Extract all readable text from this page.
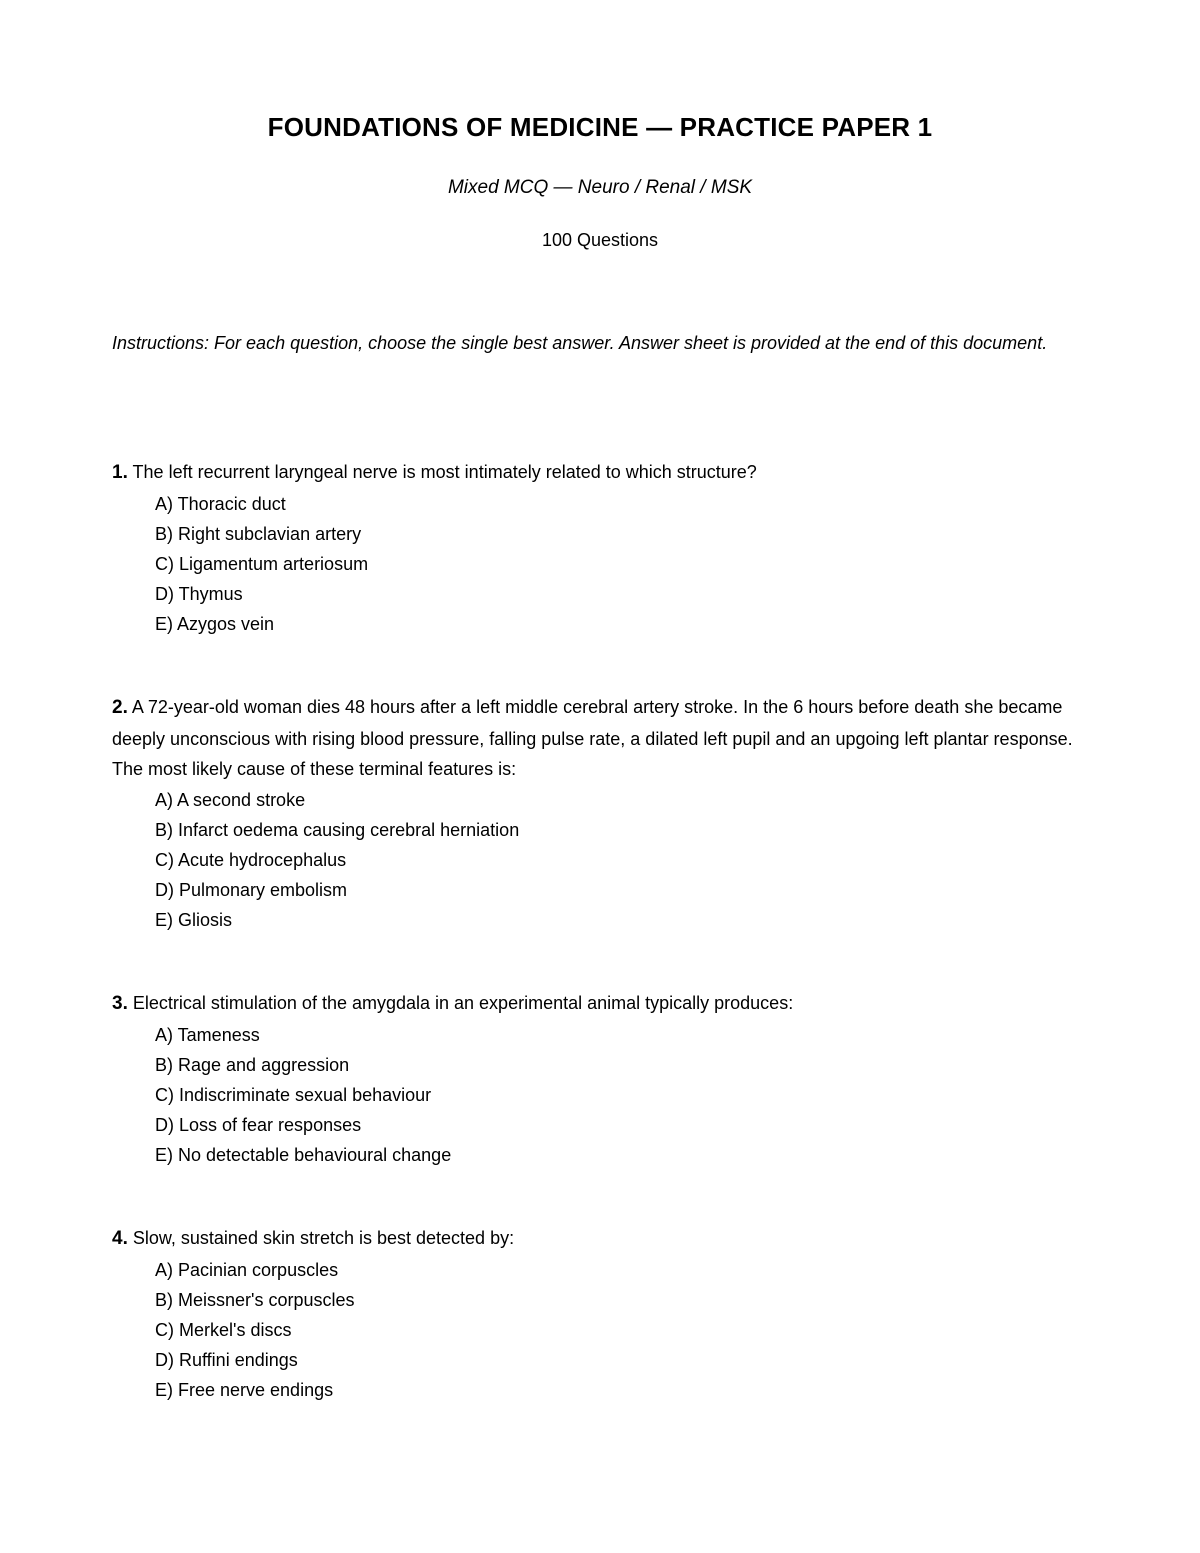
FOUNDATIONS OF MEDICINE — PRACTICE PAPER 1
Mixed MCQ — Neuro / Renal / MSK
100 Questions
Instructions: For each question, choose the single best answer. Answer sheet is provided at the end of this document.
1. The left recurrent laryngeal nerve is most intimately related to which structure?
A) Thoracic duct
B) Right subclavian artery
C) Ligamentum arteriosum
D) Thymus
E) Azygos vein
2. A 72-year-old woman dies 48 hours after a left middle cerebral artery stroke. In the 6 hours before death she became deeply unconscious with rising blood pressure, falling pulse rate, a dilated left pupil and an upgoing left plantar response. The most likely cause of these terminal features is:
A) A second stroke
B) Infarct oedema causing cerebral herniation
C) Acute hydrocephalus
D) Pulmonary embolism
E) Gliosis
3. Electrical stimulation of the amygdala in an experimental animal typically produces:
A) Tameness
B) Rage and aggression
C) Indiscriminate sexual behaviour
D) Loss of fear responses
E) No detectable behavioural change
4. Slow, sustained skin stretch is best detected by:
A) Pacinian corpuscles
B) Meissner's corpuscles
C) Merkel's discs
D) Ruffini endings
E) Free nerve endings
